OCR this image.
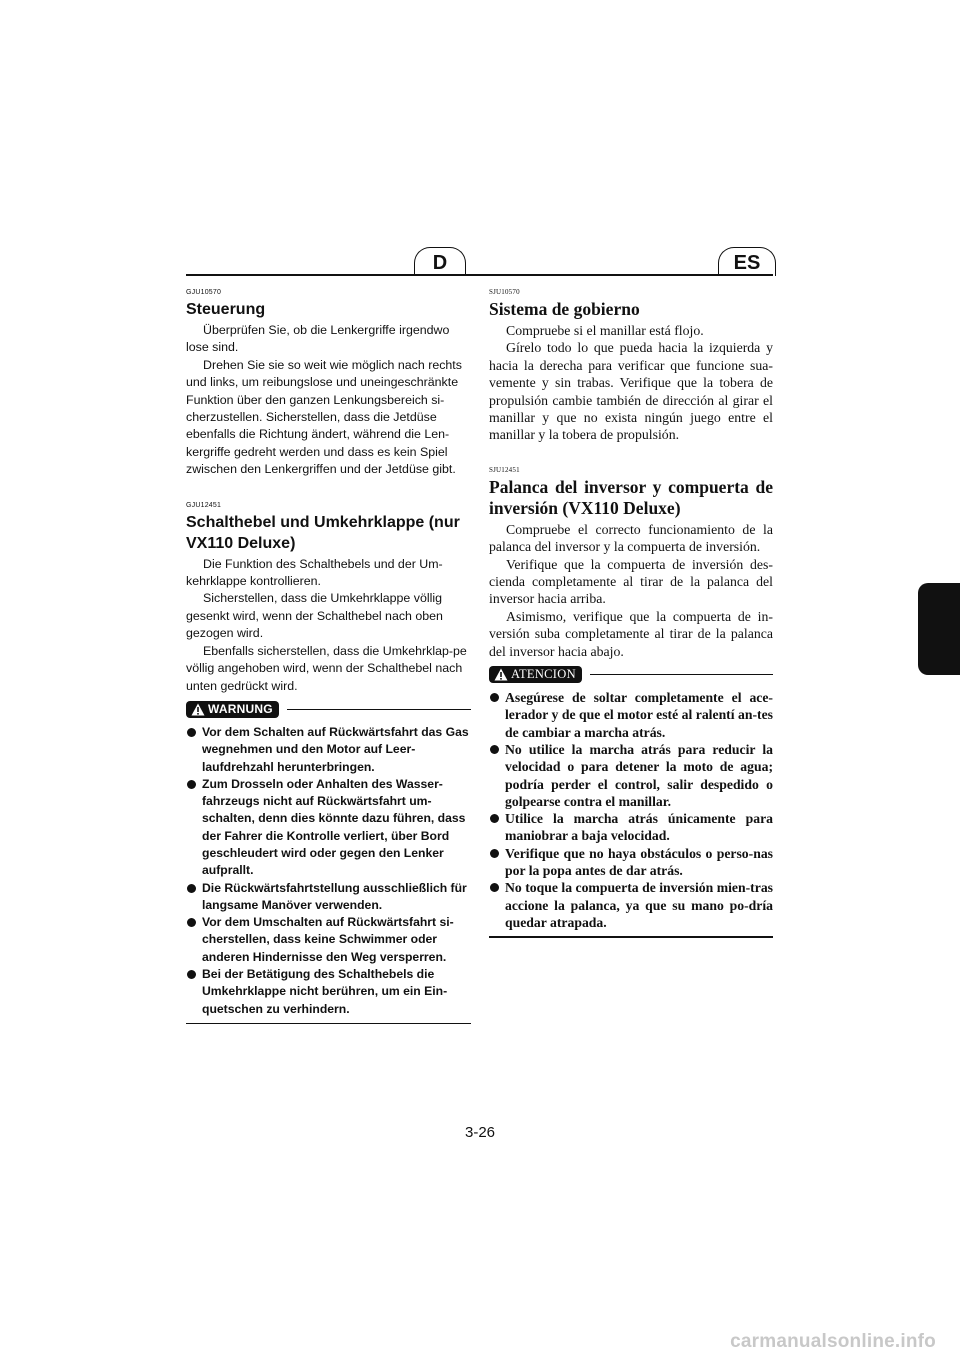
D	ES
GJU10570
Steuerung

Überprüfen Sie, ob die Lenkergriffe irgendwo lose sind.

Drehen Sie sie so weit wie möglich nach rechts und links, um reibungslose und uneingeschränkte Funktion über den ganzen Lenkungsbereich si-cherzustellen. Sicherstellen, dass die Jetdüse ebenfalls die Richtung ändert, während die Len-kergriffe gedreht werden und dass es kein Spiel zwischen den Lenkergriffen und der Jetdüse gibt.

GJU12451
Schalthebel und Umkehrklappe (nur VX110 Deluxe)

Die Funktion des Schalthebels und der Um-kehrklappe kontrollieren.

Sicherstellen, dass die Umkehrklappe völlig gesenkt wird, wenn der Schalthebel nach oben gezogen wird.

Ebenfalls sicherstellen, dass die Umkehrklap-pe völlig angehoben wird, wenn der Schalthebel nach unten gedrückt wird.

WARNUNG
Vor dem Schalten auf Rückwärtsfahrt das Gas wegnehmen und den Motor auf Leer-laufdrehzahl herunterbringen.
Zum Drosseln oder Anhalten des Wasser-fahrzeugs nicht auf Rückwärtsfahrt um-schalten, denn dies könnte dazu führen, dass der Fahrer die Kontrolle verliert, über Bord geschleudert wird oder gegen den Lenker aufprallt.
Die Rückwärtsfahrtstellung ausschließlich für langsame Manöver verwenden.
Vor dem Umschalten auf Rückwärtsfahrt si-cherstellen, dass keine Schwimmer oder anderen Hindernisse den Weg versperren.
Bei der Betätigung des Schalthebels die Umkehrklappe nicht berühren, um ein Ein-quetschen zu verhindern.
SJU10570
Sistema de gobierno

Compruebe si el manillar está flojo.

Gírelo todo lo que pueda hacia la izquierda y hacia la derecha para verificar que funcione sua-vemente y sin trabas. Verifique que la tobera de propulsión cambie también de dirección al girar el manillar y que no exista ningún juego entre el manillar y la tobera de propulsión.

SJU12451
Palanca del inversor y compuerta de inversión (VX110 Deluxe)

Compruebe el correcto funcionamiento de la palanca del inversor y la compuerta de inversión.

Verifique que la compuerta de inversión des-cienda completamente al tirar de la palanca del inversor hacia arriba.

Asimismo, verifique que la compuerta de in-versión suba completamente al tirar de la palanca del inversor hacia abajo.

ATENCION
Asegúrese de soltar completamente el ace-lerador y de que el motor esté al ralentí an-tes de cambiar a marcha atrás.
No utilice la marcha atrás para reducir la velocidad o para detener la moto de agua; podría perder el control, salir despedido o golpearse contra el manillar.
Utilice la marcha atrás únicamente para maniobrar a baja velocidad.
Verifique que no haya obstáculos o perso-nas por la popa antes de dar atrás.
No toque la compuerta de inversión mien-tras accione la palanca, ya que su mano po-dría quedar atrapada.
3-26
carmanualsonline.info
